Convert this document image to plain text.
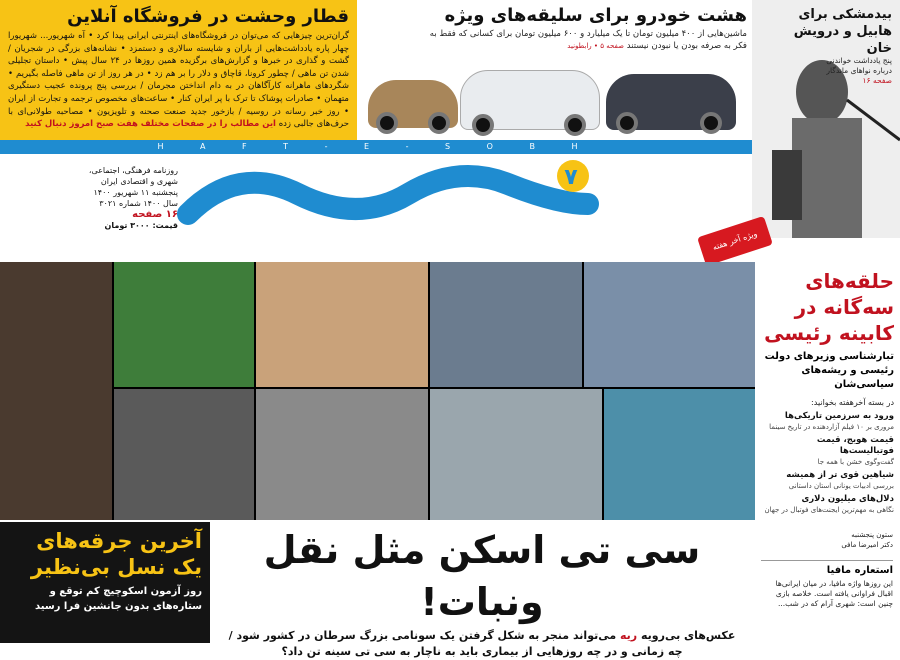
قطار وحشت در فروشگاه آنلاین

گران‌ترین چیزهایی که می‌توان در فروشگاه‌های اینترنتی ایرانی پیدا کرد • آه شهریور... شهریورا چهار پاره یادداشت‌هایی از باران و شایسته سالاری و دستمزد • نشانه‌های بزرگی در شجریان / گشت و گذاری در خبرها و گزارش‌های برگزیده همین روزها در ۲۴ سال پیش • داستان تجلیلی شدن تن ماهی / چطور کرونا، قاچاق و دلار را بر هم زد • در هر روز از تن ماهی فاصله بگیریم • شگردهای ماهرانه کارآگاهان در به دام انداختن مجرمان / بررسی پنج پرونده عجیب دستگیری متهمان • صادرات پوشاک تا ترک با پر ایران کنار • ساعت‌های مخصوص ترجمه و تجارت از ایران • روز خبر رسانه در روسیه / بازخور جدید صنعت صحنه و تلویزیون • مصاحبه طولانی‌ای با حرف‌های جالبی زده این مطالب را در صفحات مختلف هفت صبح امروز دنبال کنید

هشت خودرو برای سلیقه‌های ویژه

ماشین‌هایی از ۴۰۰ میلیون تومان تا یک میلیارد و ۶۰۰ میلیون تومان برای کسانی که فقط به فکر به صرفه بودن یا نبودن نیستند صفحه ۵ • رابطونید

بیدمشکی برای هابیل و درویش خان

پنج یادداشت خواندنی درباره نواهای ماندگار صفحه ۱۶

H A F T - E - S O B H
٧
روزنامه فرهنگی، اجتماعی،
شهری و اقتصادی ایران
پنجشنبه ۱۱ شهریور ۱۴۰۰
سال ۱۴۰۰ شماره ۳۰۲۱
۱۶ صفحه
قیمت: ۳۰۰۰ تومان
ویژه آخر هفته
حلقه‌های سه‌گانه در کابینه رئیسی
تبارشناسی وزیرهای دولت رئیسی و ریشه‌های سیاسی‌شان
در بسته آخرهفته بخوانید:
ورود به سرزمین تاریکی‌ها
مروری بر ۱۰ فیلم آزاردهنده در تاریخ سینما
قیمت هویج، قیمت فوتبالیست‌ها
گفت‌وگوی خشن با همه جا
شیاهین قوی تر از همیشه
بررسی ادبیات یونانی استان داستانی
دلال‌های میلیون دلاری
نگاهی به مهم‌ترین ایجنت‌های فوتبال در جهان
آخرین جرقه‌های یک نسل بی‌نظیر

روز آزمون اسکوچیچ کم توقع و ستاره‌های بدون جانشین فرا رسید

سی تی اسکن مثل نقل ونبات!

عکس‌های بی‌رویه ریه می‌تواند منجر به شکل گرفتن یک سونامی بزرگ سرطان در کشور شود / چه زمانی و در چه روزهایی از بیماری باید به ناچار به سی تی سینه تن داد؟

ستون پنجشنبه
دکتر امیرضا مافی
استعاره مافیا

این روزها واژه مافیا، در میان ایرانی‌ها اقبال فراوانی یافته است. خلاصه بازی چنین است: شهری آرام که در شب...
